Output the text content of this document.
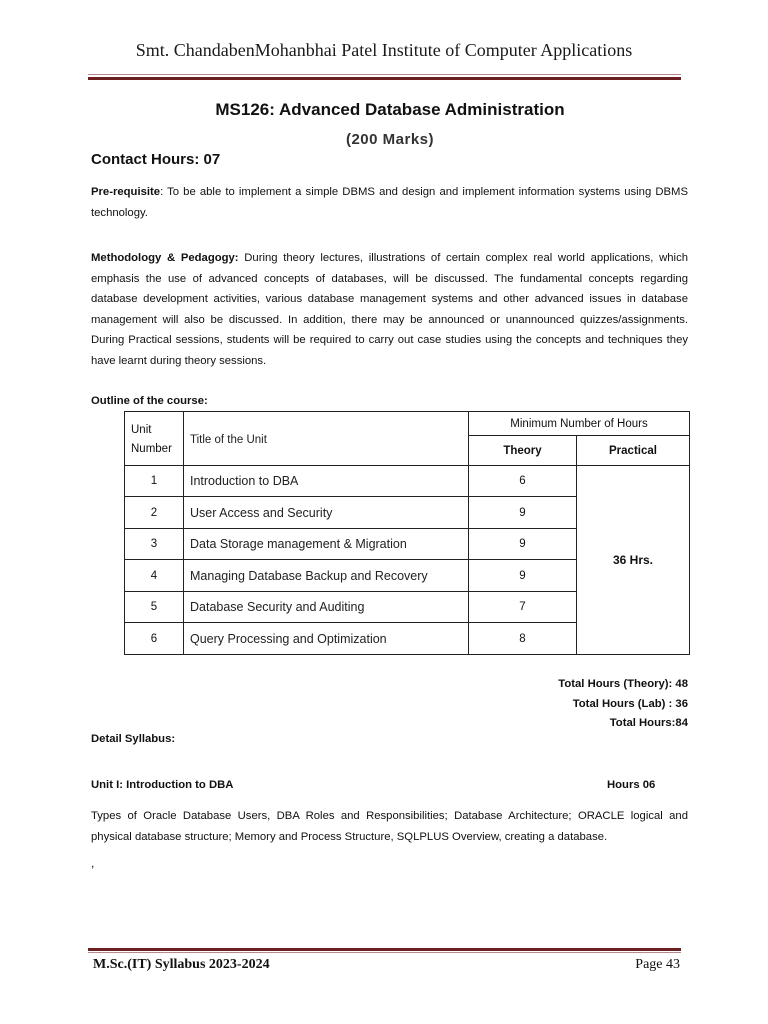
Smt. ChandabenMohanbhai Patel Institute of Computer Applications
MS126: Advanced Database Administration
(200 Marks)
Contact Hours: 07
Pre-requisite: To be able to implement a simple DBMS and design and implement information systems using DBMS technology.
Methodology & Pedagogy: During theory lectures, illustrations of certain complex real world applications, which emphasis the use of advanced concepts of databases, will be discussed. The fundamental concepts regarding database development activities, various database management systems and other advanced issues in database management will also be discussed. In addition, there may be announced or unannounced quizzes/assignments. During Practical sessions, students will be required to carry out case studies using the concepts and techniques they have learnt during theory sessions.
Outline of the course:
Unit Number	Title of the Unit	Minimum Number of Hours	
		Theory	Practical
1	Introduction to DBA	6	36 Hrs.
2	User Access and Security	9	
3	Data Storage management & Migration	9	
4	Managing Database Backup and Recovery	9	
5	Database Security and Auditing	7	
6	Query Processing and Optimization	8	
Total Hours (Theory): 48
Total Hours (Lab) : 36
Total Hours:84
Detail Syllabus:
Unit I: Introduction to DBA	Hours 06
Types of Oracle Database Users, DBA Roles and Responsibilities; Database Architecture; ORACLE logical and physical database structure; Memory and Process Structure, SQLPLUS Overview, creating a database.
,
M.Sc.(IT) Syllabus 2023-2024	Page 43
